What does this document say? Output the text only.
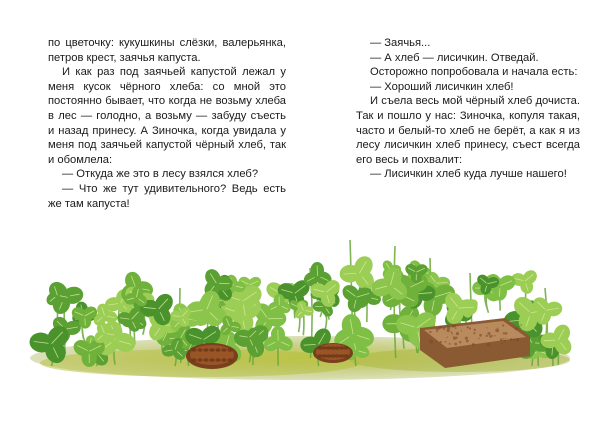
по цветочку: кукушкины слёзки, валерьянка, петров крест, заячья капуста.

И как раз под заячьей капустой лежал у меня кусок чёрного хлеба: со мной это постоянно бывает, что когда не возьму хлеба в лес — голодно, а возьму — забуду съесть и назад принесу. А Зиночка, когда увидала у меня под заячьей капустой чёрный хлеб, так и обомлела:

— Откуда же это в лесу взялся хлеб?

— Что же тут удивительного? Ведь есть же там капуста!

— Заячья...

— А хлеб — лисичкин. Отведай.

Осторожно попробовала и начала есть:

— Хороший лисичкин хлеб!

И съела весь мой чёрный хлеб дочиста. Так и пошло у нас: Зиночка, копуля такая, часто и белый-то хлеб не берёт, а как я из лесу лисичкин хлеб принесу, съест всегда его весь и похвалит:

— Лисичкин хлеб куда лучше нашего!
